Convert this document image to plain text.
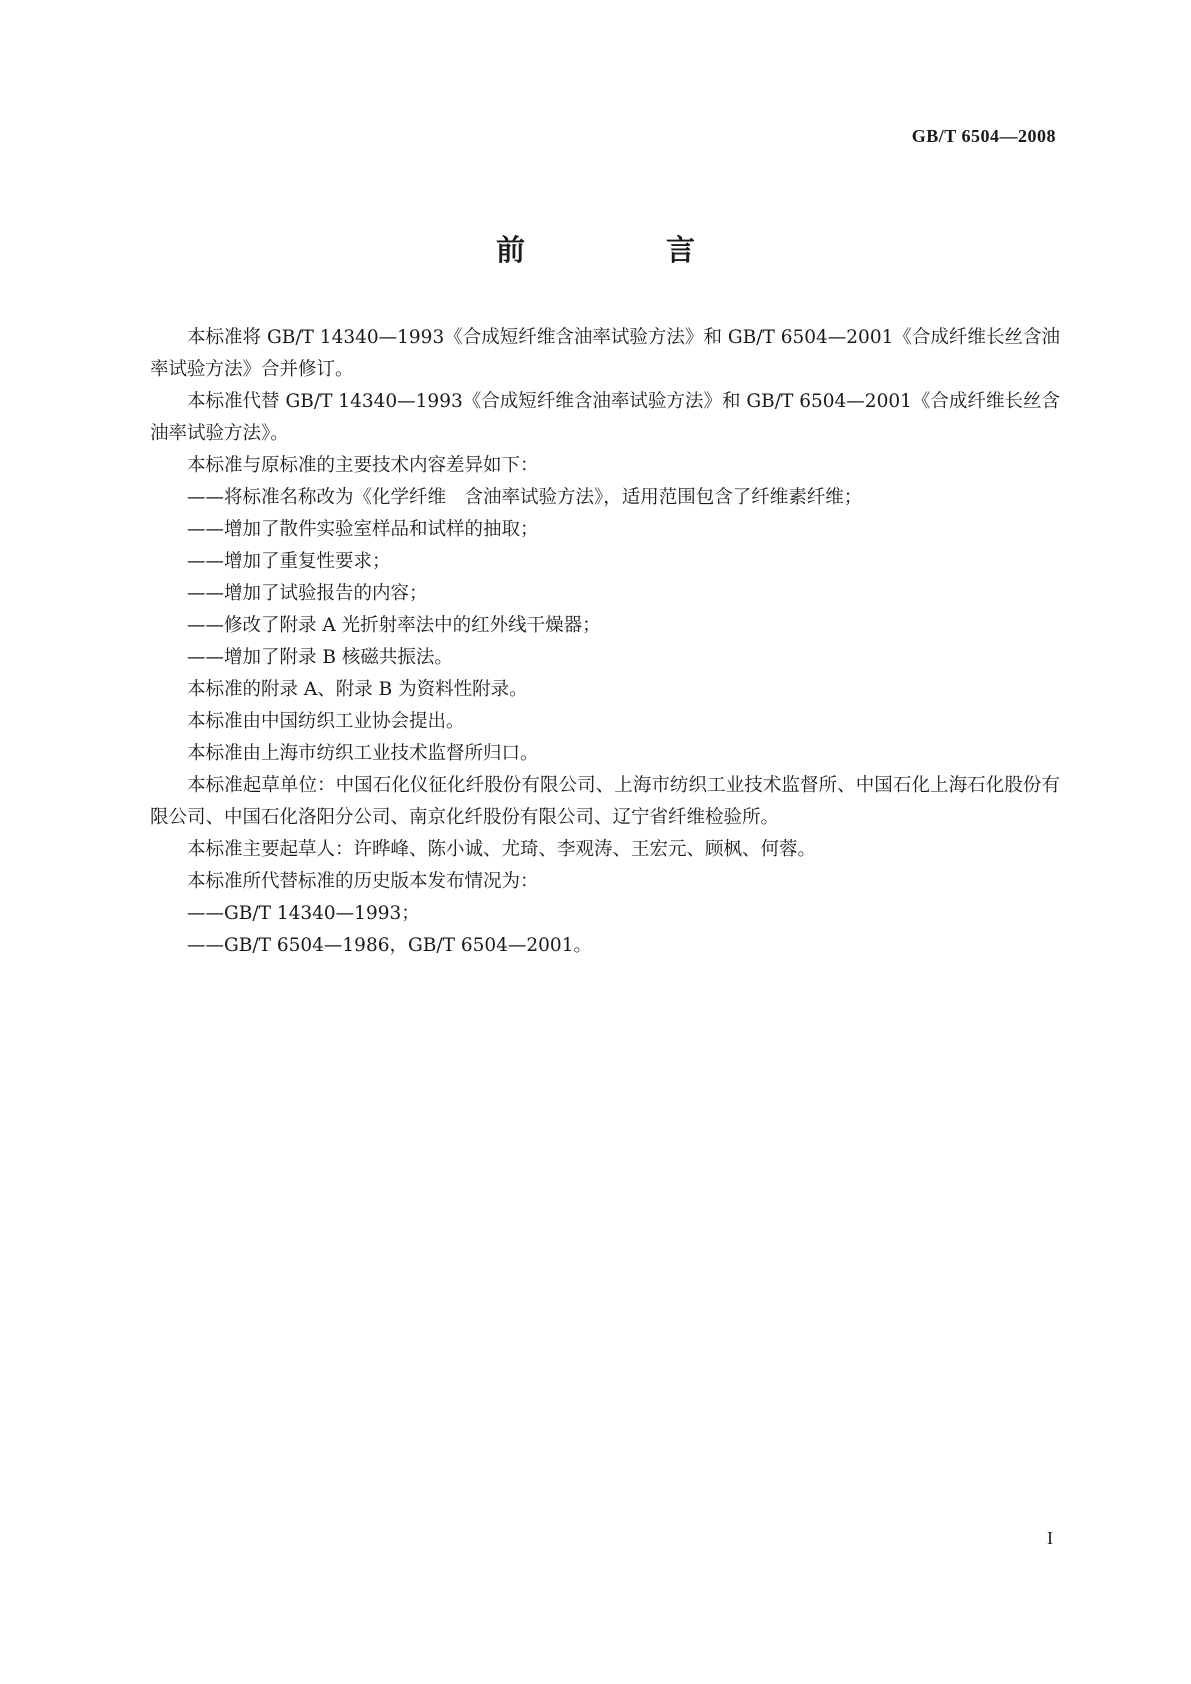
GB/T 6504—2008
前　言

本标准将 GB/T 14340—1993《合成短纤维含油率试验方法》和 GB/T 6504—2001《合成纤维长丝含油率试验方法》合并修订。

本标准代替 GB/T 14340—1993《合成短纤维含油率试验方法》和 GB/T 6504—2001《合成纤维长丝含油率试验方法》。

本标准与原标准的主要技术内容差异如下：

——将标准名称改为《化学纤维　含油率试验方法》，适用范围包含了纤维素纤维；

——增加了散件实验室样品和试样的抽取；

——增加了重复性要求；

——增加了试验报告的内容；

——修改了附录 A 光折射率法中的红外线干燥器；

——增加了附录 B 核磁共振法。

本标准的附录 A、附录 B 为资料性附录。

本标准由中国纺织工业协会提出。

本标准由上海市纺织工业技术监督所归口。

本标准起草单位：中国石化仪征化纤股份有限公司、上海市纺织工业技术监督所、中国石化上海石化股份有限公司、中国石化洛阳分公司、南京化纤股份有限公司、辽宁省纤维检验所。

本标准主要起草人：许晔峰、陈小诚、尤琦、李观涛、王宏元、顾枫、何蓉。

本标准所代替标准的历史版本发布情况为：

——GB/T 14340—1993；

——GB/T 6504—1986，GB/T 6504—2001。

I
